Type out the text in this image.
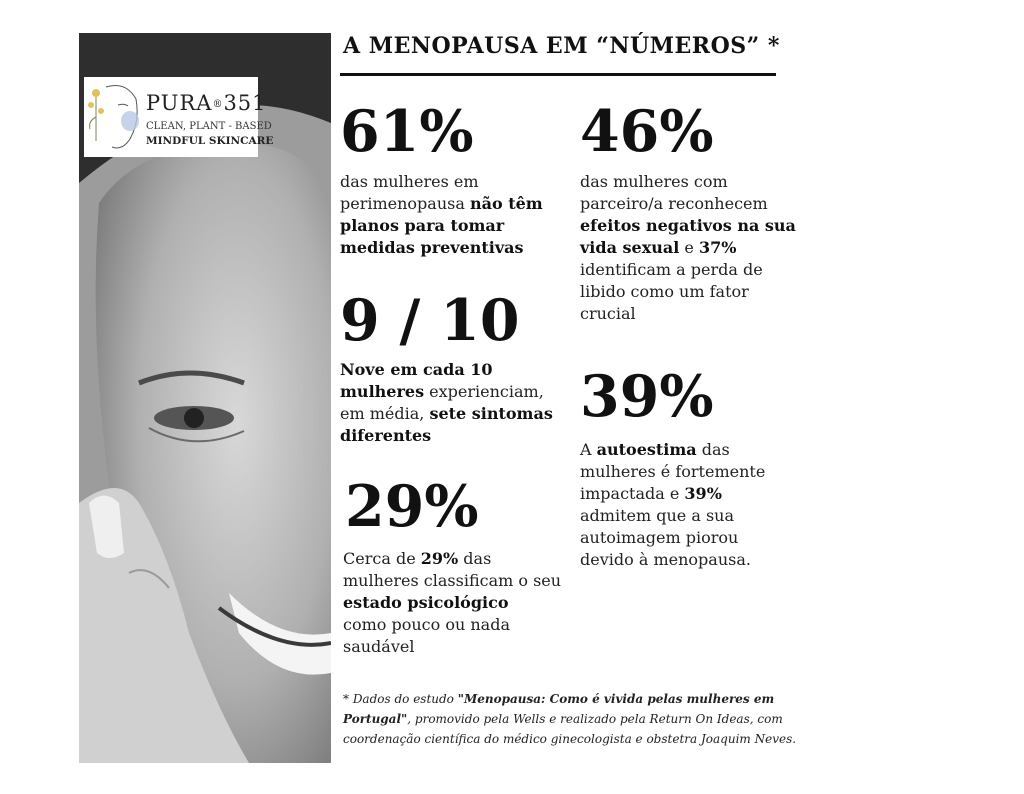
PURA®351
CLEAN, PLANT - BASED
MINDFUL SKINCARE
A MENOPAUSA EM “NÚMEROS” *
61%
das mulheres em
perimenopausa não têm
planos para tomar
medidas preventivas
46%
das mulheres com
parceiro/a reconhecem
efeitos negativos na sua
vida sexual e 37%
identificam a perda de
libido como um fator
crucial
9 / 10
Nove em cada 10
mulheres experienciam,
em média, sete sintomas
diferentes
39%
A autoestima das
mulheres é fortemente
impactada e 39%
admitem que a sua
autoimagem piorou
devido à menopausa.
29%
Cerca de 29% das
mulheres classificam o seu
estado psicológico
como pouco ou nada
saudável
* Dados do estudo "Menopausa: Como é vivida pelas mulheres em Portugal", promovido pela Wells e realizado pela Return On Ideas, com coordenação científica do médico ginecologista e obstetra Joaquim Neves.
